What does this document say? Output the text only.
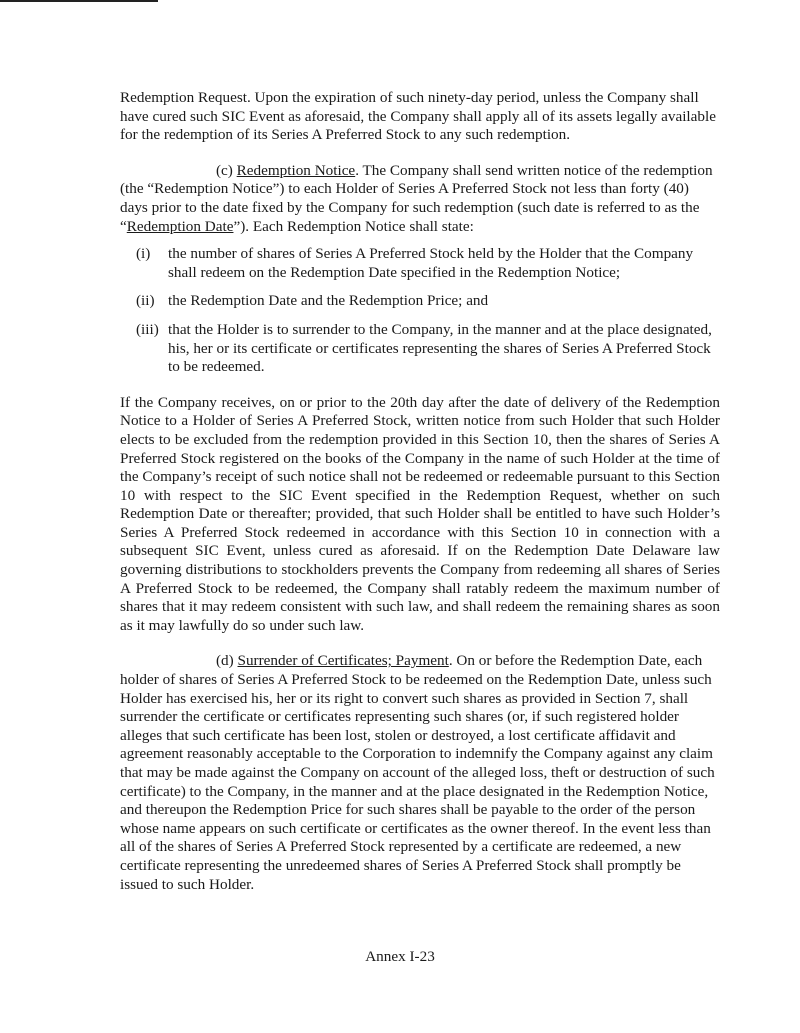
Redemption Request. Upon the expiration of such ninety-day period, unless the Company shall have cured such SIC Event as aforesaid, the Company shall apply all of its assets legally available for the redemption of its Series A Preferred Stock to any such redemption.

(c) Redemption Notice. The Company shall send written notice of the redemption (the “Redemption Notice”) to each Holder of Series A Preferred Stock not less than forty (40) days prior to the date fixed by the Company for such redemption (such date is referred to as the “Redemption Date”). Each Redemption Notice shall state:

(i)	the number of shares of Series A Preferred Stock held by the Holder that the Company shall redeem on the Redemption Date specified in the Redemption Notice;
(ii) the Redemption Date and the Redemption Price; and
(iii) that the Holder is to surrender to the Company, in the manner and at the place designated, his, her or its certificate or certificates representing the shares of Series A Preferred Stock to be redeemed.

If the Company receives, on or prior to the 20th day after the date of delivery of the Redemption Notice to a Holder of Series A Preferred Stock, written notice from such Holder that such Holder elects to be excluded from the redemption provided in this Section 10, then the shares of Series A Preferred Stock registered on the books of the Company in the name of such Holder at the time of the Company’s receipt of such notice shall not be redeemed or redeemable pursuant to this Section 10 with respect to the SIC Event specified in the Redemption Request, whether on such Redemption Date or thereafter; provided, that such Holder shall be entitled to have such Holder’s Series A Preferred Stock redeemed in accordance with this Section 10 in connection with a subsequent SIC Event, unless cured as aforesaid. If on the Redemption Date Delaware law governing distributions to stockholders prevents the Company from redeeming all shares of Series A Preferred Stock to be redeemed, the Company shall ratably redeem the maximum number of shares that it may redeem consistent with such law, and shall redeem the remaining shares as soon as it may lawfully do so under such law.

(d) Surrender of Certificates; Payment. On or before the Redemption Date, each holder of shares of Series A Preferred Stock to be redeemed on the Redemption Date, unless such Holder has exercised his, her or its right to convert such shares as provided in Section 7, shall surrender the certificate or certificates representing such shares (or, if such registered holder alleges that such certificate has been lost, stolen or destroyed, a lost certificate affidavit and agreement reasonably acceptable to the Corporation to indemnify the Company against any claim that may be made against the Company on account of the alleged loss, theft or destruction of such certificate) to the Company, in the manner and at the place designated in the Redemption Notice, and thereupon the Redemption Price for such shares shall be payable to the order of the person whose name appears on such certificate or certificates as the owner thereof. In the event less than all of the shares of Series A Preferred Stock represented by a certificate are redeemed, a new certificate representing the unredeemed shares of Series A Preferred Stock shall promptly be issued to such Holder.

Annex I-23
